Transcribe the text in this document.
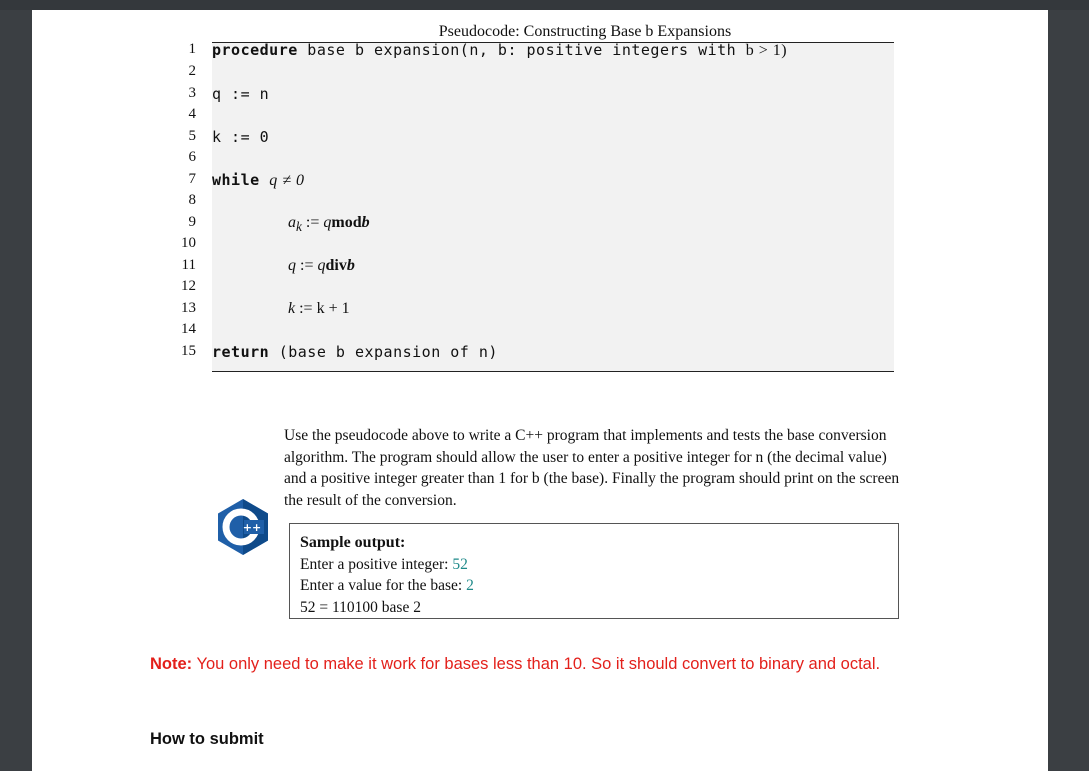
Pseudocode: Constructing Base b Expansions
1 procedure base b expansion(n, b: positive integers with b > 1)
2
3 q := n
4
5 k := 0
6
7 while q ≠ 0
8
9	$a_k$ := qmodb
10
11	q := qdivb
12
13	k := k + 1
14
15 return (base b expansion of n)
Use the pseudocode above to write a C++ program that implements and tests the base conversion algorithm. The program should allow the user to enter a positive integer for n (the decimal value) and a positive integer greater than 1 for b (the base). Finally the program should print on the screen the result of the conversion.
++
Sample output:
Enter a positive integer: 52
Enter a value for the base: 2
52 = 110100 base 2
Note: You only need to make it work for bases less than 10. So it should convert to binary and octal.
How to submit
